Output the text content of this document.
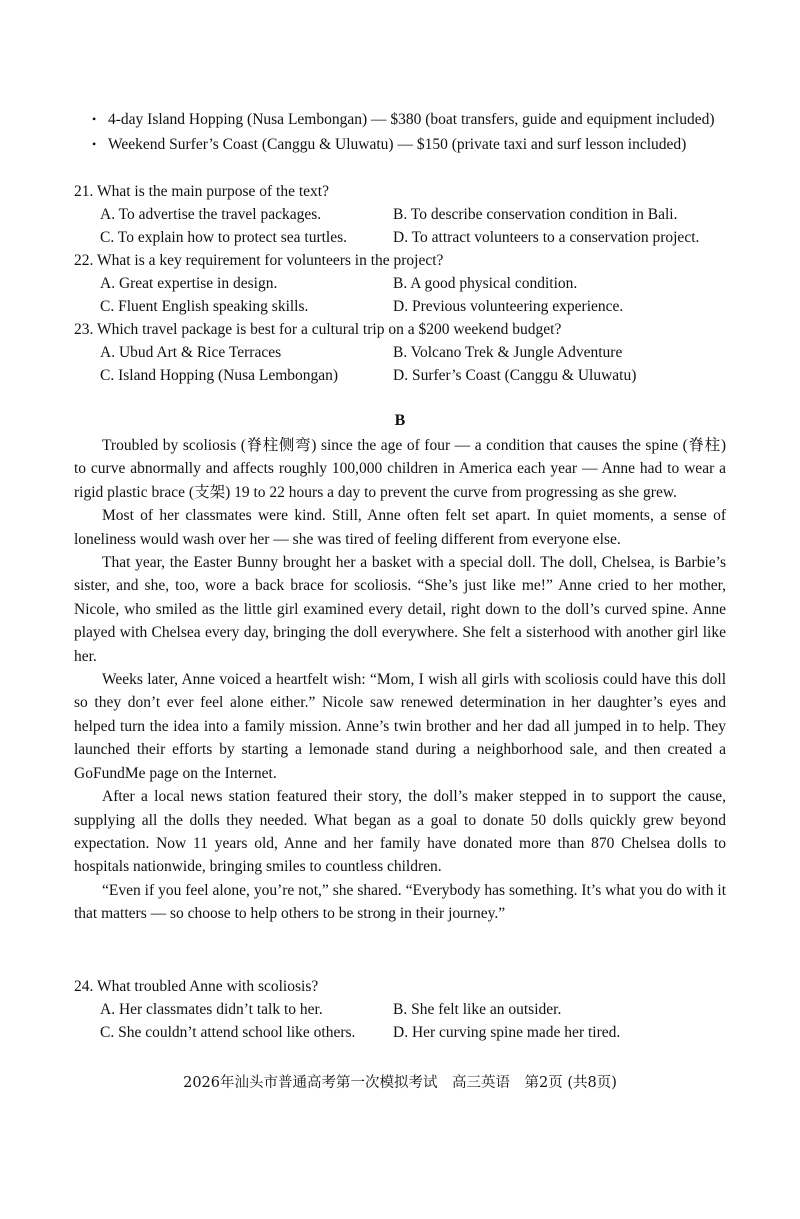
• 4-day Island Hopping (Nusa Lembongan) — $380 (boat transfers, guide and equipment included)
• Weekend Surfer’s Coast (Canggu & Uluwatu) — $150 (private taxi and surf lesson included)

21. What is the main purpose of the text?

A. To advertise the travel packages.	B. To describe conservation condition in Bali.
C. To explain how to protect sea turtles.	D. To attract volunteers to a conservation project.

22. What is a key requirement for volunteers in the project?

A. Great expertise in design.	B. A good physical condition.
C. Fluent English speaking skills.	D. Previous volunteering experience.

23. Which travel package is best for a cultural trip on a $200 weekend budget?

A. Ubud Art & Rice Terraces	B. Volcano Trek & Jungle Adventure
C. Island Hopping (Nusa Lembongan)	D. Surfer’s Coast (Canggu & Uluwatu)
B

Troubled by scoliosis (脊柱侧弯) since the age of four — a condition that causes the spine (脊柱) to curve abnormally and affects roughly 100,000 children in America each year — Anne had to wear a rigid plastic brace (支架) 19 to 22 hours a day to prevent the curve from progressing as she grew.

Most of her classmates were kind. Still, Anne often felt set apart. In quiet moments, a sense of loneliness would wash over her — she was tired of feeling different from everyone else.

That year, the Easter Bunny brought her a basket with a special doll. The doll, Chelsea, is Barbie’s sister, and she, too, wore a back brace for scoliosis. “She’s just like me!” Anne cried to her mother, Nicole, who smiled as the little girl examined every detail, right down to the doll’s curved spine. Anne played with Chelsea every day, bringing the doll everywhere. She felt a sisterhood with another girl like her.

Weeks later, Anne voiced a heartfelt wish: “Mom, I wish all girls with scoliosis could have this doll so they don’t ever feel alone either.” Nicole saw renewed determination in her daughter’s eyes and helped turn the idea into a family mission. Anne’s twin brother and her dad all jumped in to help. They launched their efforts by starting a lemonade stand during a neighborhood sale, and then created a GoFundMe page on the Internet.

After a local news station featured their story, the doll’s maker stepped in to support the cause, supplying all the dolls they needed. What began as a goal to donate 50 dolls quickly grew beyond expectation. Now 11 years old, Anne and her family have donated more than 870 Chelsea dolls to hospitals nationwide, bringing smiles to countless children.

“Even if you feel alone, you’re not,” she shared. “Everybody has something. It’s what you do with it that matters — so choose to help others to be strong in their journey.”

24. What troubled Anne with scoliosis?

A. Her classmates didn’t talk to her.	B. She felt like an outsider.
C. She couldn’t attend school like others.	D. Her curving spine made her tired.
2026年汕头市普通高考第一次模拟考试　高三英语　第2页 (共8页)
